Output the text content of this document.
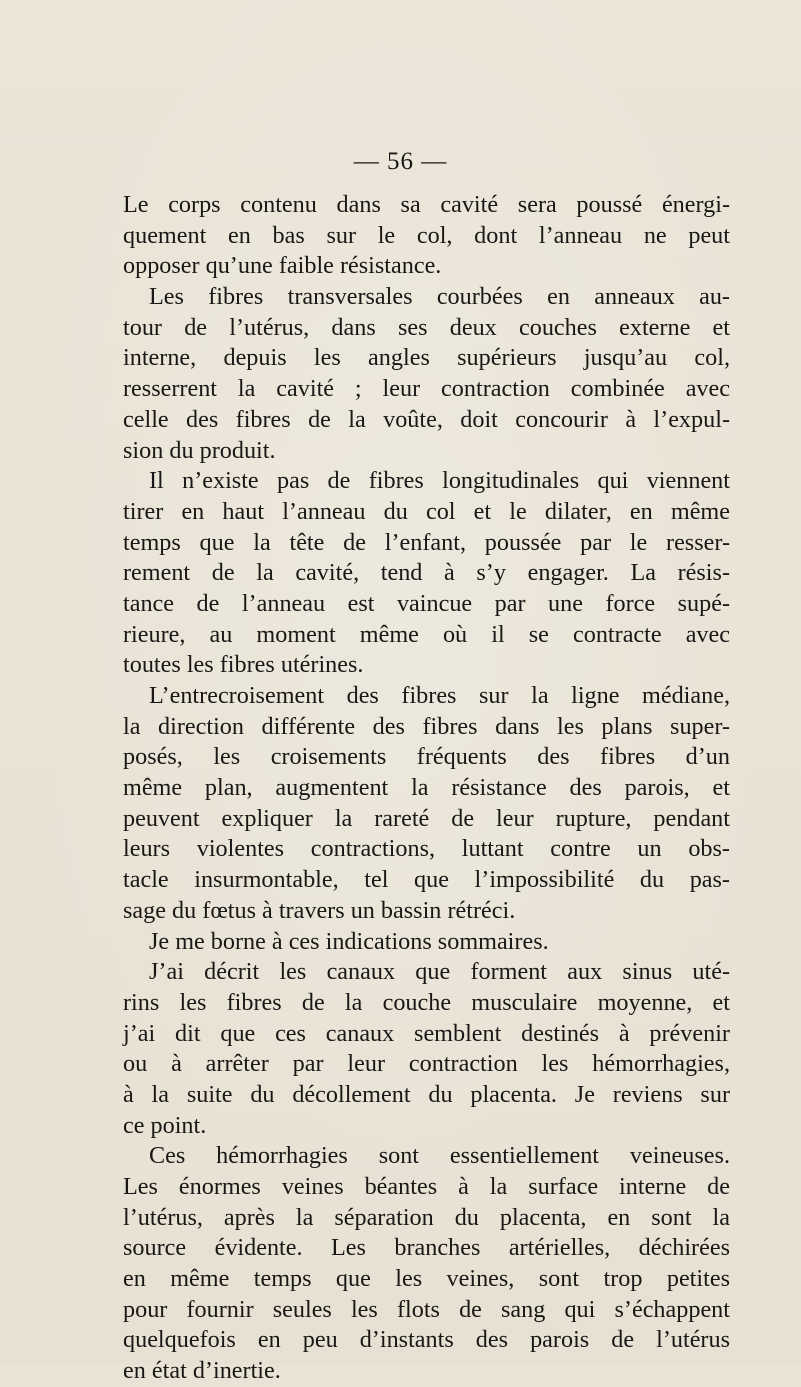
— 56 —
Le corps contenu dans sa cavité sera poussé énergi-
quement en bas sur le col, dont l’anneau ne peut
opposer qu’une faible résistance.
Les fibres transversales courbées en anneaux au-
tour de l’utérus, dans ses deux couches externe et
interne, depuis les angles supérieurs jusqu’au col,
resserrent la cavité ; leur contraction combinée avec
celle des fibres de la voûte, doit concourir à l’expul-
sion du produit.
Il n’existe pas de fibres longitudinales qui viennent
tirer en haut l’anneau du col et le dilater, en même
temps que la tête de l’enfant, poussée par le resser-
rement de la cavité, tend à s’y engager. La résis-
tance de l’anneau est vaincue par une force supé-
rieure, au moment même où il se contracte avec
toutes les fibres utérines.
L’entrecroisement des fibres sur la ligne médiane,
la direction différente des fibres dans les plans super-
posés, les croisements fréquents des fibres d’un
même plan, augmentent la résistance des parois, et
peuvent expliquer la rareté de leur rupture, pendant
leurs violentes contractions, luttant contre un obs-
tacle insurmontable, tel que l’impossibilité du pas-
sage du fœtus à travers un bassin rétréci.
Je me borne à ces indications sommaires.
J’ai décrit les canaux que forment aux sinus uté-
rins les fibres de la couche musculaire moyenne, et
j’ai dit que ces canaux semblent destinés à prévenir
ou à arrêter par leur contraction les hémorrhagies,
à la suite du décollement du placenta. Je reviens sur
ce point.
Ces hémorrhagies sont essentiellement veineuses.
Les énormes veines béantes à la surface interne de
l’utérus, après la séparation du placenta, en sont la
source évidente. Les branches artérielles, déchirées
en même temps que les veines, sont trop petites
pour fournir seules les flots de sang qui s’échappent
quelquefois en peu d’instants des parois de l’utérus
en état d’inertie.
